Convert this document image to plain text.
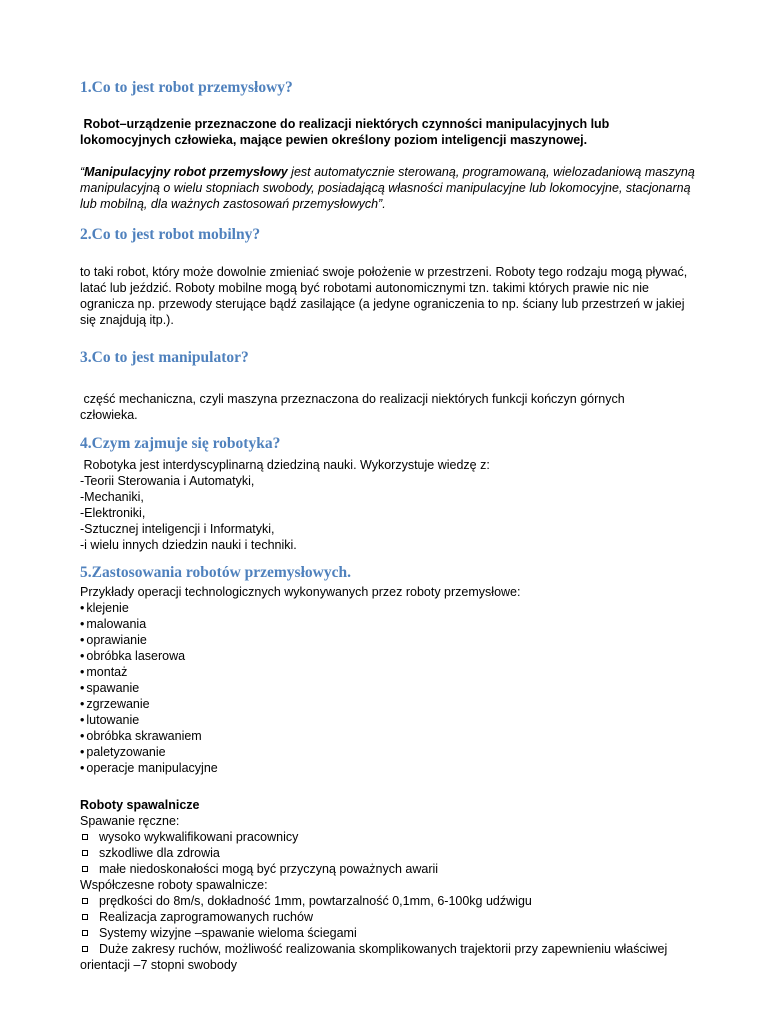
1.Co to jest robot przemysłowy?

Robot–urządzenie przeznaczone do realizacji niektórych czynności manipulacyjnych lub lokomocyjnych człowieka, mające pewien określony poziom inteligencji maszynowej.

“Manipulacyjny robot przemysłowy jest automatycznie sterowaną, programowaną, wielozadaniową maszyną manipulacyjną o wielu stopniach swobody, posiadającą własności manipulacyjne lub lokomocyjne, stacjonarną lub mobilną, dla ważnych zastosowań przemysłowych”.

2.Co to jest robot mobilny?

to taki robot, który może dowolnie zmieniać swoje położenie w przestrzeni. Roboty tego rodzaju mogą pływać, latać lub jeździć. Roboty mobilne mogą być robotami autonomicznymi tzn. takimi których prawie nic nie ogranicza np. przewody sterujące bądź zasilające (a jedyne ograniczenia to np. ściany lub przestrzeń w jakiej się znajdują itp.).

3.Co to jest manipulator?

część mechaniczna, czyli maszyna przeznaczona do realizacji niektórych funkcji kończyn górnych człowieka.

4.Czym zajmuje się robotyka?

Robotyka jest interdyscyplinarną dziedziną nauki. Wykorzystuje wiedzę z:

-Teorii Sterowania i Automatyki,
-Mechaniki,
-Elektroniki,
-Sztucznej inteligencji i Informatyki,
-i wielu innych dziedzin nauki i techniki.
5.Zastosowania robotów przemysłowych.

Przykłady operacji technologicznych wykonywanych przez roboty przemysłowe:

• klejenie
• malowania
• oprawianie
• obróbka laserowa
• montaż
• spawanie
• zgrzewanie
• lutowanie
• obróbka skrawaniem
• paletyzowanie
• operacje manipulacyjne

Roboty spawalnicze

Spawanie ręczne:

wysoko wykwalifikowani pracownicy
szkodliwe dla zdrowia
małe niedoskonałości mogą być przyczyną poważnych awarii

Współczesne roboty spawalnicze:

prędkości do 8m/s, dokładność 1mm, powtarzalność 0,1mm, 6-100kg udźwigu
Realizacja zaprogramowanych ruchów
Systemy wizyjne –spawanie wieloma ściegami
Duże zakresy ruchów, możliwość realizowania skomplikowanych trajektorii przy zapewnieniu właściwej orientacji –7 stopni swobody
